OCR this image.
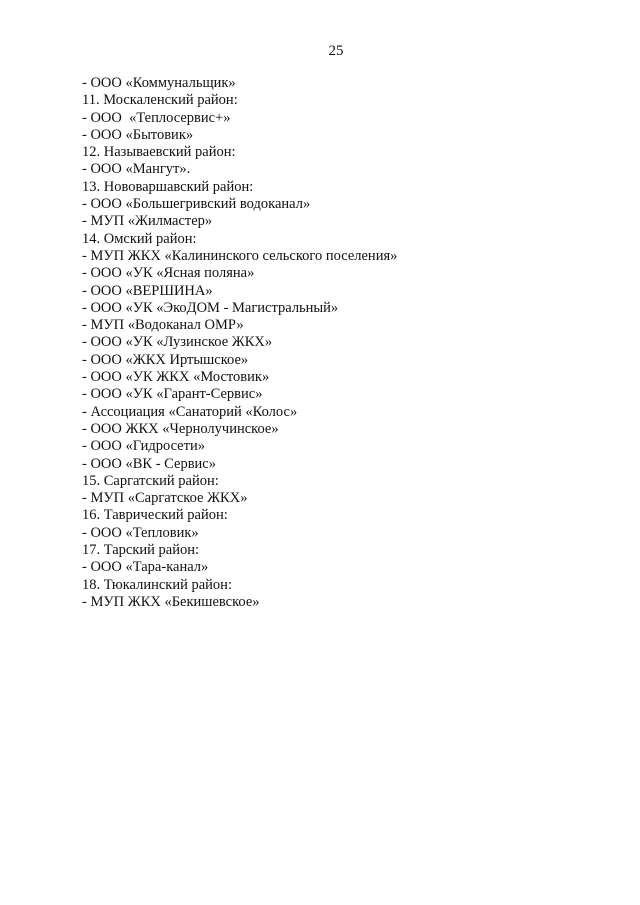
25
- ООО «Коммунальщик»
11. Москаленский район:
- ООО  «Теплосервис+»
- ООО «Бытовик»
12. Называевский район:
- ООО «Мангут».
13. Нововаршавский район:
- ООО «Большегривский водоканал»
- МУП «Жилмастер»
14. Омский район:
- МУП ЖКХ «Калининского сельского поселения»
- ООО «УК «Ясная поляна»
- ООО «ВЕРШИНА»
- ООО «УК «ЭкоДОМ - Магистральный»
- МУП «Водоканал ОМР»
- ООО «УК «Лузинское ЖКХ»
- ООО «ЖКХ Иртышское»
- ООО «УК ЖКХ «Мостовик»
- ООО «УК «Гарант-Сервис»
- Ассоциация «Санаторий «Колос»
- ООО ЖКХ «Чернолучинское»
- ООО «Гидросети»
- ООО «ВК - Сервис»
15. Саргатский район:
- МУП «Саргатское ЖКХ»
16. Таврический район:
- ООО «Тепловик»
17. Тарский район:
- ООО «Тара-канал»
18. Тюкалинский район:
- МУП ЖКХ «Бекишевское»
